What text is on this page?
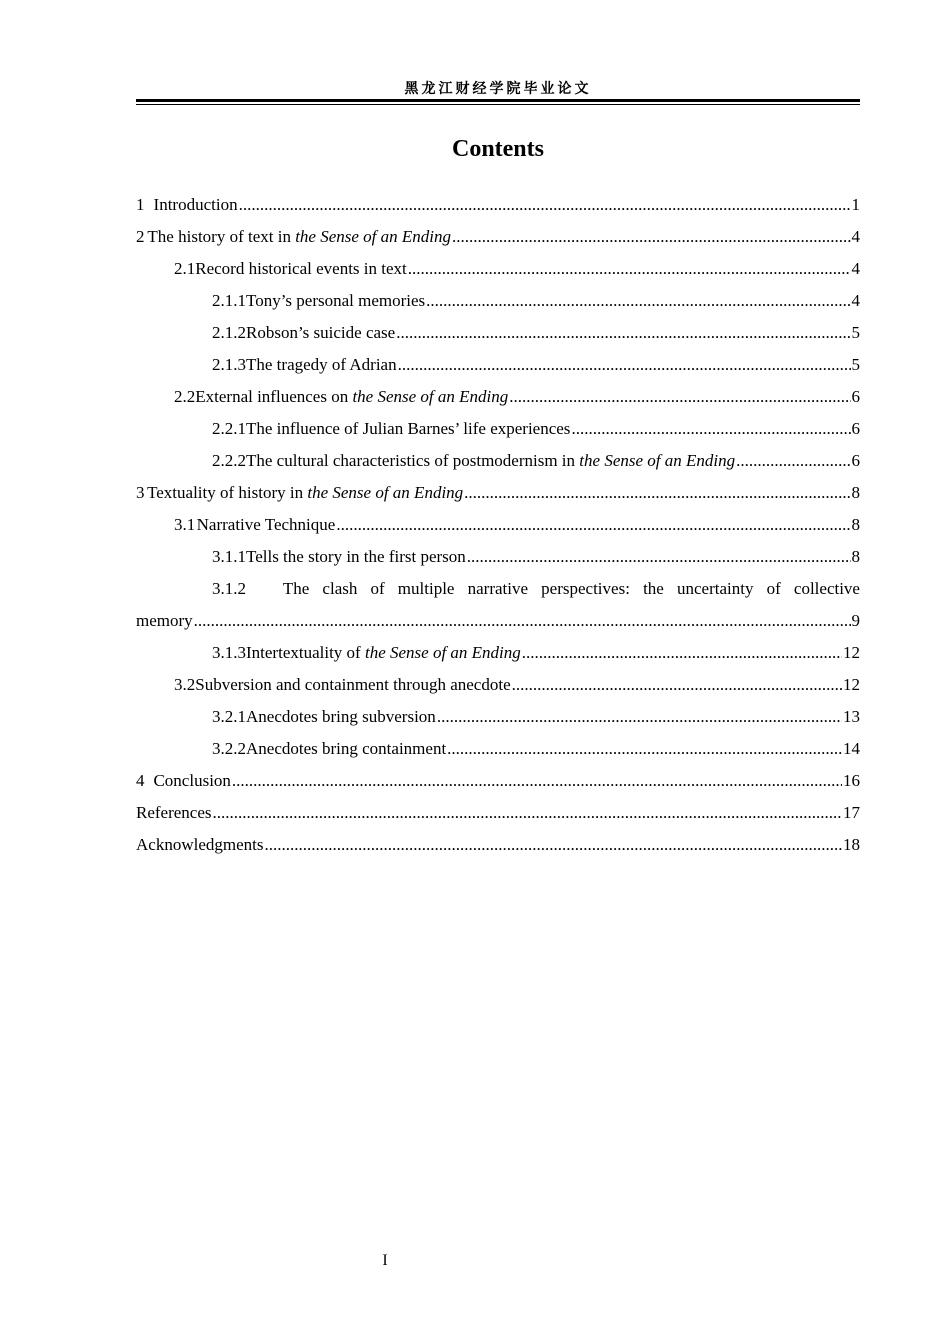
黑龙江财经学院毕业论文
Contents
1 Introduction .....	1
2 The history of text in the Sense of an Ending .....	4
2.1 Record historical events in text .....	4
2.1.1 Tony’s personal memories .....	4
2.1.2 Robson’s suicide case .....	5
2.1.3 The tragedy of Adrian .....	5
2.2 External influences on the Sense of an Ending .....	6
2.2.1 The influence of Julian Barnes’ life experiences .....	6
2.2.2 The cultural characteristics of postmodernism in the Sense of an Ending .....	6
3 Textuality of history in the Sense of an Ending .....	8
3.1 Narrative Technique .....	8
3.1.1 Tells the story in the first person .....	8
3.1.2 The clash of multiple narrative perspectives: the uncertainty of collective
memory .....	9
3.1.3 Intertextuality of the Sense of an Ending .....	12
3.2 Subversion and containment through anecdote .....	12
3.2.1 Anecdotes bring subversion .....	13
3.2.2 Anecdotes bring containment .....	14
4 Conclusion .....	16
References .....	17
Acknowledgments .....	18
I
